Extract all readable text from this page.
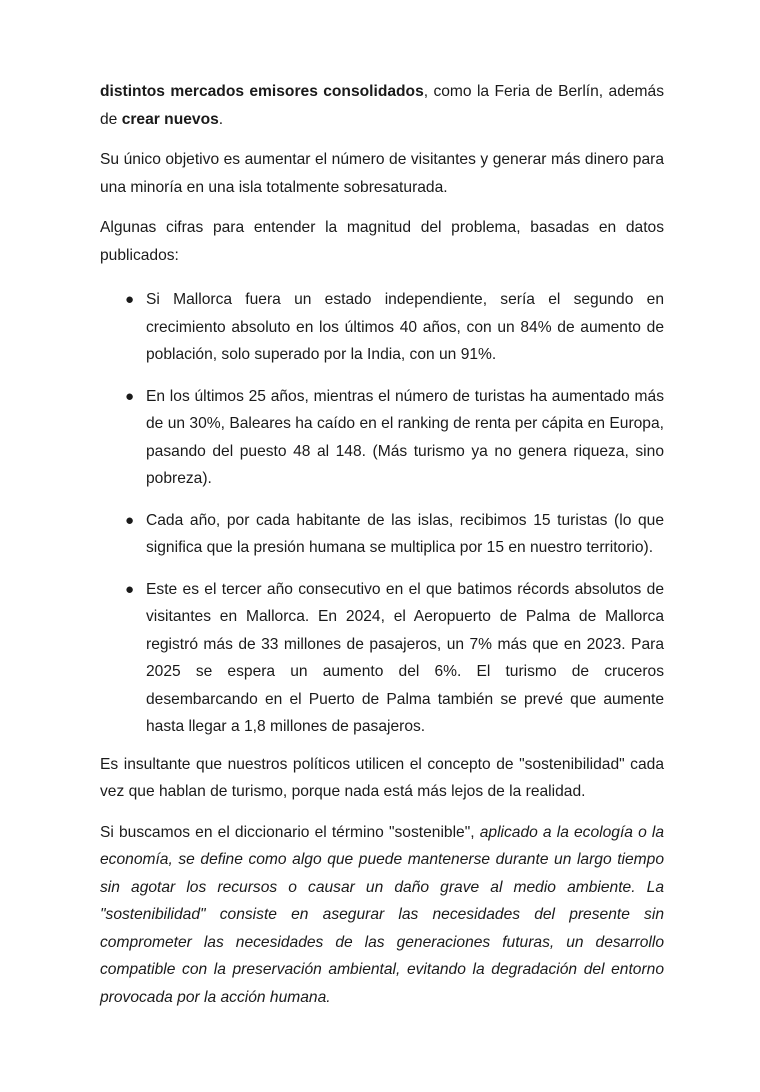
distintos mercados emisores consolidados, como la Feria de Berlín, además de crear nuevos.

Su único objetivo es aumentar el número de visitantes y generar más dinero para una minoría en una isla totalmente sobresaturada.

Algunas cifras para entender la magnitud del problema, basadas en datos publicados:

● Si Mallorca fuera un estado independiente, sería el segundo en crecimiento absoluto en los últimos 40 años, con un 84% de aumento de población, solo superado por la India, con un 91%.
● En los últimos 25 años, mientras el número de turistas ha aumentado más de un 30%, Baleares ha caído en el ranking de renta per cápita en Europa, pasando del puesto 48 al 148. (Más turismo ya no genera riqueza, sino pobreza).
● Cada año, por cada habitante de las islas, recibimos 15 turistas (lo que significa que la presión humana se multiplica por 15 en nuestro territorio).
● Este es el tercer año consecutivo en el que batimos récords absolutos de visitantes en Mallorca. En 2024, el Aeropuerto de Palma de Mallorca registró más de 33 millones de pasajeros, un 7% más que en 2023. Para 2025 se espera un aumento del 6%. El turismo de cruceros desembarcando en el Puerto de Palma también se prevé que aumente hasta llegar a 1,8 millones de pasajeros.

Es insultante que nuestros políticos utilicen el concepto de "sostenibilidad" cada vez que hablan de turismo, porque nada está más lejos de la realidad.

Si buscamos en el diccionario el término "sostenible", aplicado a la ecología o la economía, se define como algo que puede mantenerse durante un largo tiempo sin agotar los recursos o causar un daño grave al medio ambiente. La "sostenibilidad" consiste en asegurar las necesidades del presente sin comprometer las necesidades de las generaciones futuras, un desarrollo compatible con la preservación ambiental, evitando la degradación del entorno provocada por la acción humana.
